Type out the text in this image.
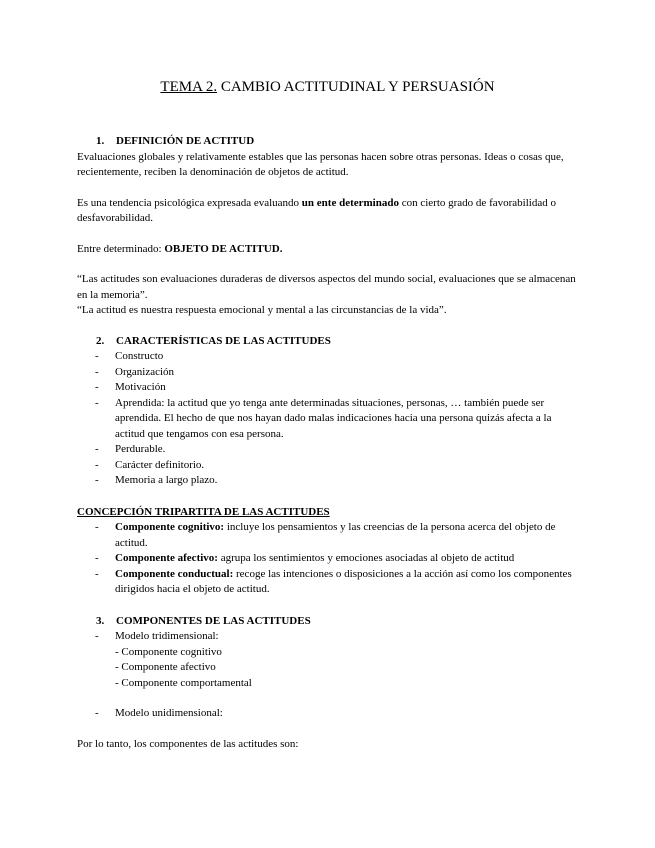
TEMA 2. CAMBIO ACTITUDINAL Y PERSUASIÓN

1. DEFINICIÓN DE ACTITUD

Evaluaciones globales y relativamente estables que las personas hacen sobre otras personas. Ideas o cosas que, recientemente, reciben la denominación de objetos de actitud.

Es una tendencia psicológica expresada evaluando un ente determinado con cierto grado de favorabilidad o desfavorabilidad.

Entre determinado: OBJETO DE ACTITUD.

“Las actitudes son evaluaciones duraderas de diversos aspectos del mundo social, evaluaciones que se almacenan en la memoria”.

“La actitud es nuestra respuesta emocional y mental a las circunstancias de la vida”.

2. CARACTERÍSTICAS DE LAS ACTITUDES

- Constructo
- Organización
- Motivación
- Aprendida: la actitud que yo tenga ante determinadas situaciones, personas, … también puede ser aprendida. El hecho de que nos hayan dado malas indicaciones hacia una persona quizás afecta a la actitud que tengamos con esa persona.
- Perdurable.
- Carácter definitorio.
- Memoria a largo plazo.

CONCEPCIÓN TRIPARTITA DE LAS ACTITUDES

- Componente cognitivo: incluye los pensamientos y las creencias de la persona acerca del objeto de actitud.
- Componente afectivo: agrupa los sentimientos y emociones asociadas al objeto de actitud
- Componente conductual: recoge las intenciones o disposiciones a la acción así como los componentes dirigidos hacia el objeto de actitud.

3. COMPONENTES DE LAS ACTITUDES

- Modelo tridimensional:

- Componente cognitivo

- Componente afectivo

- Componente comportamental

- Modelo unidimensional:

Por lo tanto, los componentes de las actitudes son:
